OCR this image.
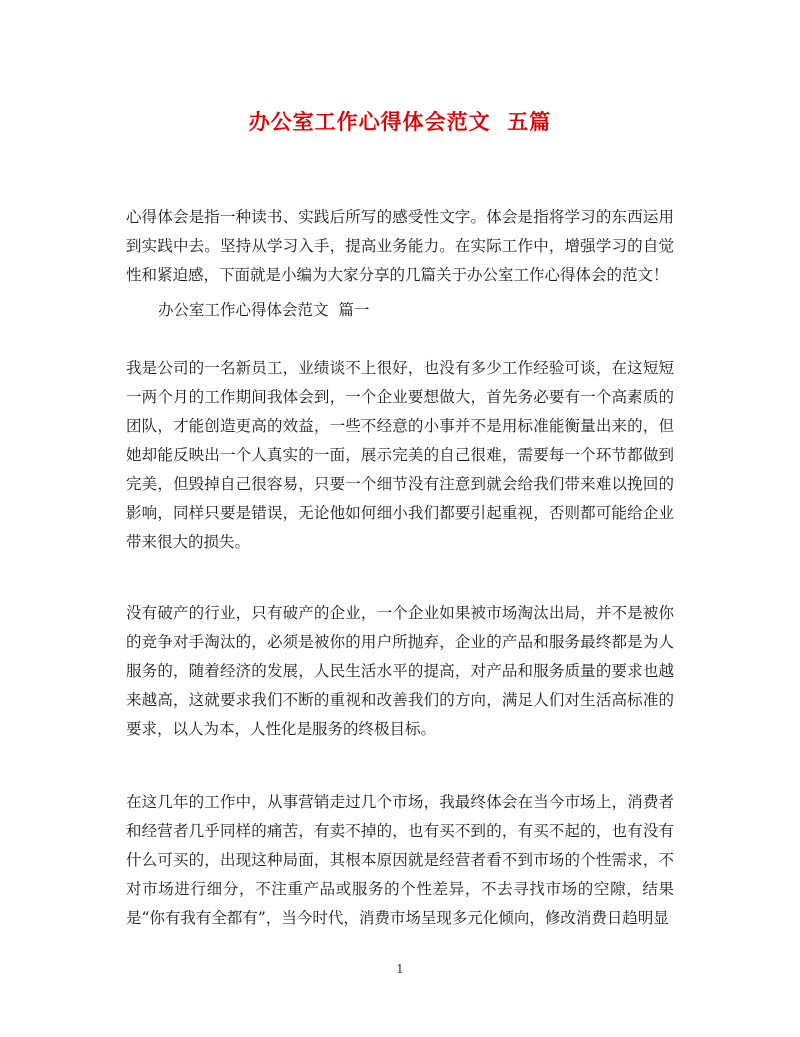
办公室工作心得体会范文  五篇

心得体会是指一种读书、实践后所写的感受性文字。体会是指将学习的东西运用到实践中去。坚持从学习入手，提高业务能力。在实际工作中，增强学习的自觉性和紧迫感，下面就是小编为大家分享的几篇关于办公室工作心得体会的范文！

办公室工作心得体会范文  篇一

我是公司的一名新员工，业绩谈不上很好，也没有多少工作经验可谈，在这短短一两个月的工作期间我体会到，一个企业要想做大，首先务必要有一个高素质的团队，才能创造更高的效益，一些不经意的小事并不是用标准能衡量出来的，但她却能反映出一个人真实的一面，展示完美的自己很难，需要每一个环节都做到完美，但毁掉自己很容易，只要一个细节没有注意到就会给我们带来难以挽回的影响，同样只要是错误，无论他如何细小我们都要引起重视，否则都可能给企业带来很大的损失。

没有破产的行业，只有破产的企业，一个企业如果被市场淘汰出局，并不是被你的竞争对手淘汰的，必须是被你的用户所抛弃，企业的产品和服务最终都是为人服务的，随着经济的发展，人民生活水平的提高，对产品和服务质量的要求也越来越高，这就要求我们不断的重视和改善我们的方向，满足人们对生活高标准的要求，以人为本，人性化是服务的终极目标。

在这几年的工作中，从事营销走过几个市场，我最终体会在当今市场上，消费者和经营者几乎同样的痛苦，有卖不掉的，也有买不到的，有买不起的，也有没有什么可买的，出现这种局面，其根本原因就是经营者看不到市场的个性需求，不对市场进行细分，不注重产品或服务的个性差异，不去寻找市场的空隙，结果是“你有我有全都有”，当今时代，消费市场呈现多元化倾向，修改消费日趋明显

1
